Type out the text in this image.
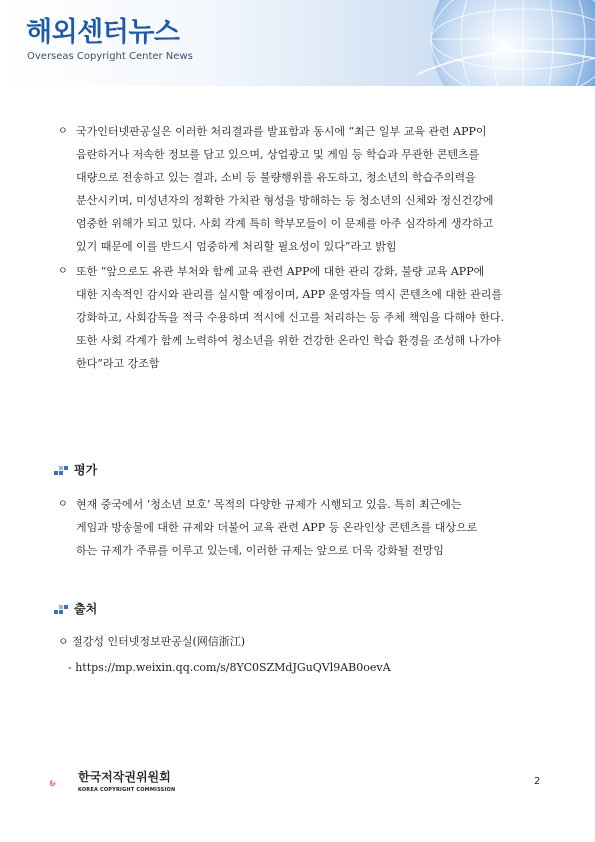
해외센터뉴스
Overseas Copyright Center News
ㅇ 국가인터넷판공실은 이러한 처리결과를 발표함과 동시에 “최근 일부 교육 관련 APP이
음란하거나 저속한 정보를 담고 있으며, 상업광고 및 게임 등 학습과 무관한 콘텐츠를
대량으로 전송하고 있는 결과, 소비 등 불량행위를 유도하고, 청소년의 학습주의력을
분산시키며, 미성년자의 정확한 가치관 형성을 방해하는 등 청소년의 신체와 정신건강에
엄중한 위해가 되고 있다. 사회 각계 특히 학부모들이 이 문제를 아주 심각하게 생각하고
있기 때문에 이를 반드시 엄중하게 처리할 필요성이 있다”라고 밝힘
ㅇ 또한 “앞으로도 유관 부처와 함께 교육 관련 APP에 대한 관리 강화, 불량 교육 APP에
대한 지속적인 감시와 관리를 실시할 예정이며, APP 운영자들 역시 콘텐츠에 대한 관리를
강화하고, 사회감독을 적극 수용하며 적시에 신고를 처리하는 등 주체 책임을 다해야 한다.
또한 사회 각계가 함께 노력하여 청소년을 위한 건강한 온라인 학습 환경을 조성해 나가야
한다”라고 강조함
평가
ㅇ 현재 중국에서 ‘청소년 보호’ 목적의 다양한 규제가 시행되고 있음. 특히 최근에는
게임과 방송물에 대한 규제와 더불어 교육 관련 APP 등 온라인상 콘텐츠를 대상으로
하는 규제가 주류를 이루고 있는데, 이러한 규제는 앞으로 더욱 강화될 전망임
출처
ㅇ 절강성 인터넷정보판공실(网信浙江)
- https://mp.weixin.qq.com/s/8YC0SZMdJGuQVl9AB0oevA
한국저작권위원회
KOREA COPYRIGHT COMMISSION
2
